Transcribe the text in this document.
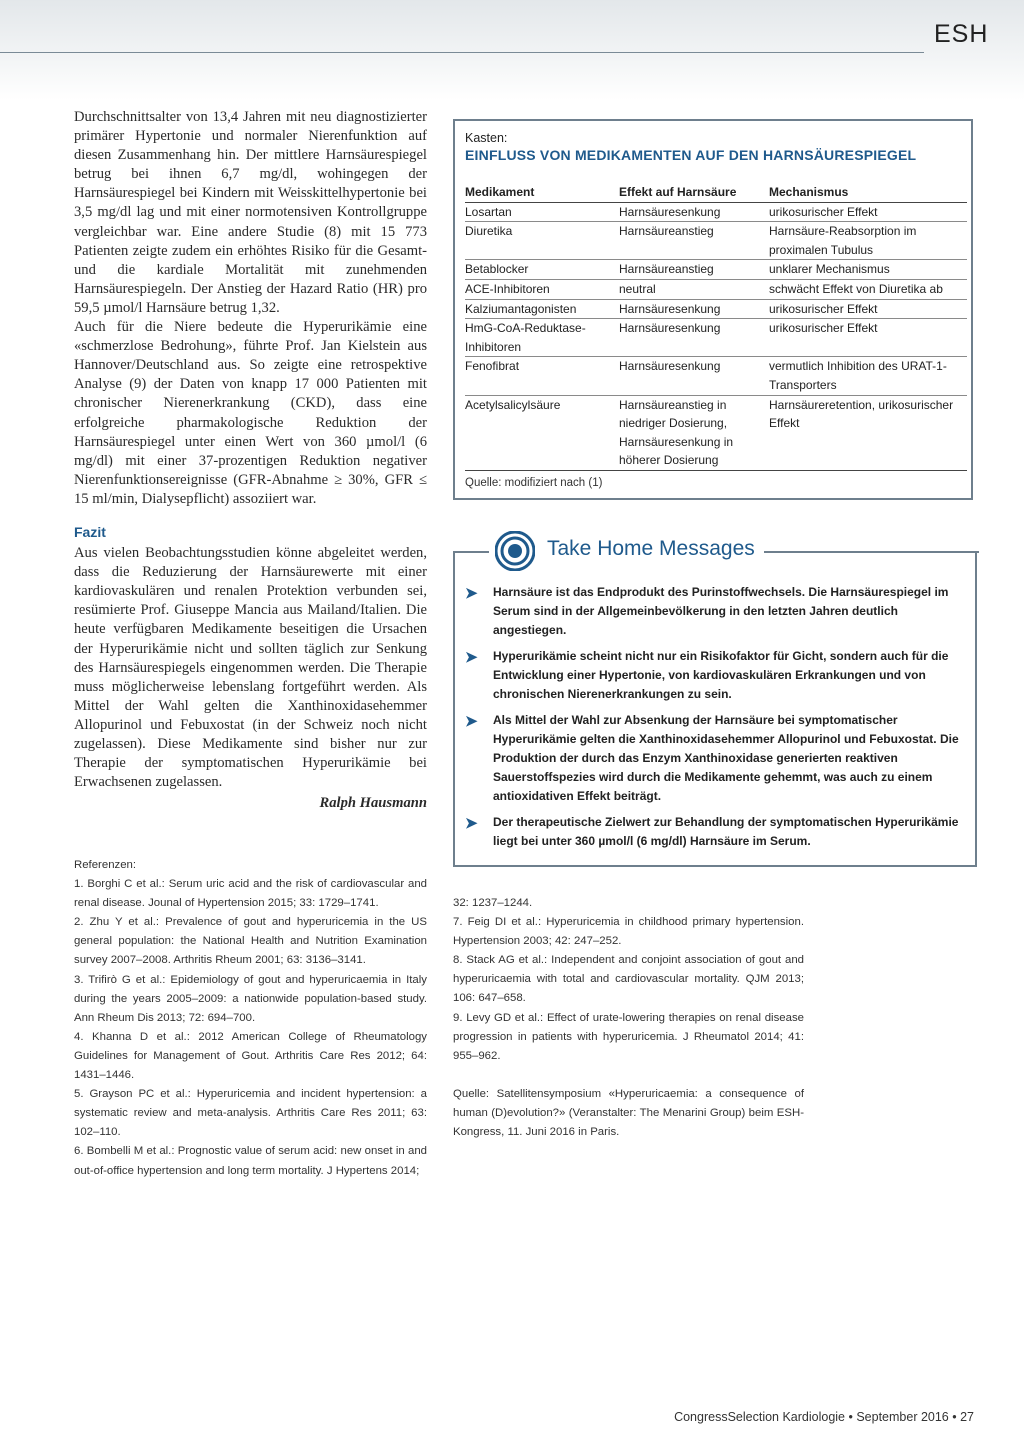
ESH

Durchschnittsalter von 13,4 Jahren mit neu diagnostizierter primärer Hypertonie und normaler Nierenfunktion auf diesen Zusammenhang hin. Der mittlere Harnsäurespiegel betrug bei ihnen 6,7 mg/dl, wohingegen der Harnsäurespiegel bei Kindern mit Weisskittelhypertonie bei 3,5 mg/dl lag und mit einer normotensiven Kontrollgruppe vergleichbar war. Eine andere Studie (8) mit 15 773 Patienten zeigte zudem ein erhöhtes Risiko für die Gesamt- und die kardiale Mortalität mit zunehmenden Harnsäurespiegeln. Der Anstieg der Hazard Ratio (HR) pro 59,5 µmol/l Harnsäure betrug 1,32.

Auch für die Niere bedeute die Hyperurikämie eine «schmerzlose Bedrohung», führte Prof. Jan Kielstein aus Hannover/Deutschland aus. So zeigte eine retrospektive Analyse (9) der Daten von knapp 17 000 Patienten mit chronischer Nierenerkrankung (CKD), dass eine erfolgreiche pharmakologische Reduktion der Harnsäurespiegel unter einen Wert von 360 µmol/l (6 mg/dl) mit einer 37-prozentigen Reduktion negativer Nierenfunktionsereignisse (GFR-Abnahme ≥ 30%, GFR ≤ 15 ml/min, Dialysepflicht) assoziiert war.

Fazit

Aus vielen Beobachtungsstudien könne abgeleitet werden, dass die Reduzierung der Harnsäurewerte mit einer kardiovaskulären und renalen Protektion verbunden sei, resümierte Prof. Giuseppe Mancia aus Mailand/Italien. Die heute verfügbaren Medikamente beseitigen die Ursachen der Hyperurikämie nicht und sollten täglich zur Senkung des Harnsäurespiegels eingenommen werden. Die Therapie muss möglicherweise lebenslang fortgeführt werden. Als Mittel der Wahl gelten die Xanthinoxidasehemmer Allopurinol und Febuxostat (in der Schweiz noch nicht zugelassen). Diese Medikamente sind bisher nur zur Therapie der symptomatischen Hyperurikämie bei Erwachsenen zugelassen.

Ralph Hausmann

Kasten:
EINFLUSS VON MEDIKAMENTEN AUF DEN HARNSÄURESPIEGEL
Medikament	Effekt auf Harnsäure	Mechanismus
Losartan	Harnsäuresenkung	urikosurischer Effekt
Diuretika	Harnsäureanstieg	Harnsäure-Reabsorption im proximalen Tubulus
Betablocker	Harnsäureanstieg	unklarer Mechanismus
ACE-Inhibitoren	neutral	schwächt Effekt von Diuretika ab
Kalziumantagonisten	Harnsäuresenkung	urikosurischer Effekt
HmG-CoA-Reduktase-Inhibitoren	Harnsäuresenkung	urikosurischer Effekt
Fenofibrat	Harnsäuresenkung	vermutlich Inhibition des URAT-1-Transporters
Acetylsalicylsäure	Harnsäureanstieg in niedriger Dosierung, Harnsäuresenkung in höherer Dosierung	Harnsäureretention, urikosurischer Effekt
Quelle: modifiziert nach (1)
Take Home Messages
➤ Harnsäure ist das Endprodukt des Purinstoffwechsels. Die Harnsäurespiegel im Serum sind in der Allgemeinbevölkerung in den letzten Jahren deutlich angestiegen.
➤ Hyperurikämie scheint nicht nur ein Risikofaktor für Gicht, sondern auch für die Entwicklung einer Hypertonie, von kardiovaskulären Erkrankungen und von chronischen Nierenerkrankungen zu sein.
➤ Als Mittel der Wahl zur Absenkung der Harnsäure bei symptomatischer Hyperurikämie gelten die Xanthinoxidasehemmer Allopurinol und Febuxostat. Die Produktion der durch das Enzym Xanthinoxidase generierten reaktiven Sauerstoffspezies wird durch die Medikamente gehemmt, was auch zu einem antioxidativen Effekt beiträgt.
➤ Der therapeutische Zielwert zur Behandlung der symptomatischen Hyperurikämie liegt bei unter 360 µmol/l (6 mg/dl) Harnsäure im Serum.

Referenzen:

1. Borghi C et al.: Serum uric acid and the risk of cardiovascular and renal disease. Jounal of Hypertension 2015; 33: 1729–1741.

2. Zhu Y et al.: Prevalence of gout and hyperuricemia in the US general population: the National Health and Nutrition Examination survey 2007–2008. Arthritis Rheum 2001; 63: 3136–3141.

3. Trifirò G et al.: Epidemiology of gout and hyperuricaemia in Italy during the years 2005–2009: a nationwide population-based study. Ann Rheum Dis 2013; 72: 694–700.

4. Khanna D et al.: 2012 American College of Rheumatology Guidelines for Management of Gout. Arthritis Care Res 2012; 64: 1431–1446.

5. Grayson PC et al.: Hyperuricemia and incident hypertension: a systematic review and meta-analysis. Arthritis Care Res 2011; 63: 102–110.

6. Bombelli M et al.: Prognostic value of serum acid: new onset in and out-of-office hypertension and long term mortality. J Hypertens 2014;

32: 1237–1244.

7. Feig DI et al.: Hyperuricemia in childhood primary hypertension. Hypertension 2003; 42: 247–252.

8. Stack AG et al.: Independent and conjoint association of gout and hyperuricaemia with total and cardiovascular mortality. QJM 2013; 106: 647–658.

9. Levy GD et al.: Effect of urate-lowering therapies on renal disease progression in patients with hyperuricemia. J Rheumatol 2014; 41: 955–962.

Quelle: Satellitensymposium «Hyperuricaemia: a consequence of human (D)evolution?» (Veranstalter: The Menarini Group) beim ESH-Kongress, 11. Juni 2016 in Paris.

CongressSelection Kardiologie • September 2016 • 27
